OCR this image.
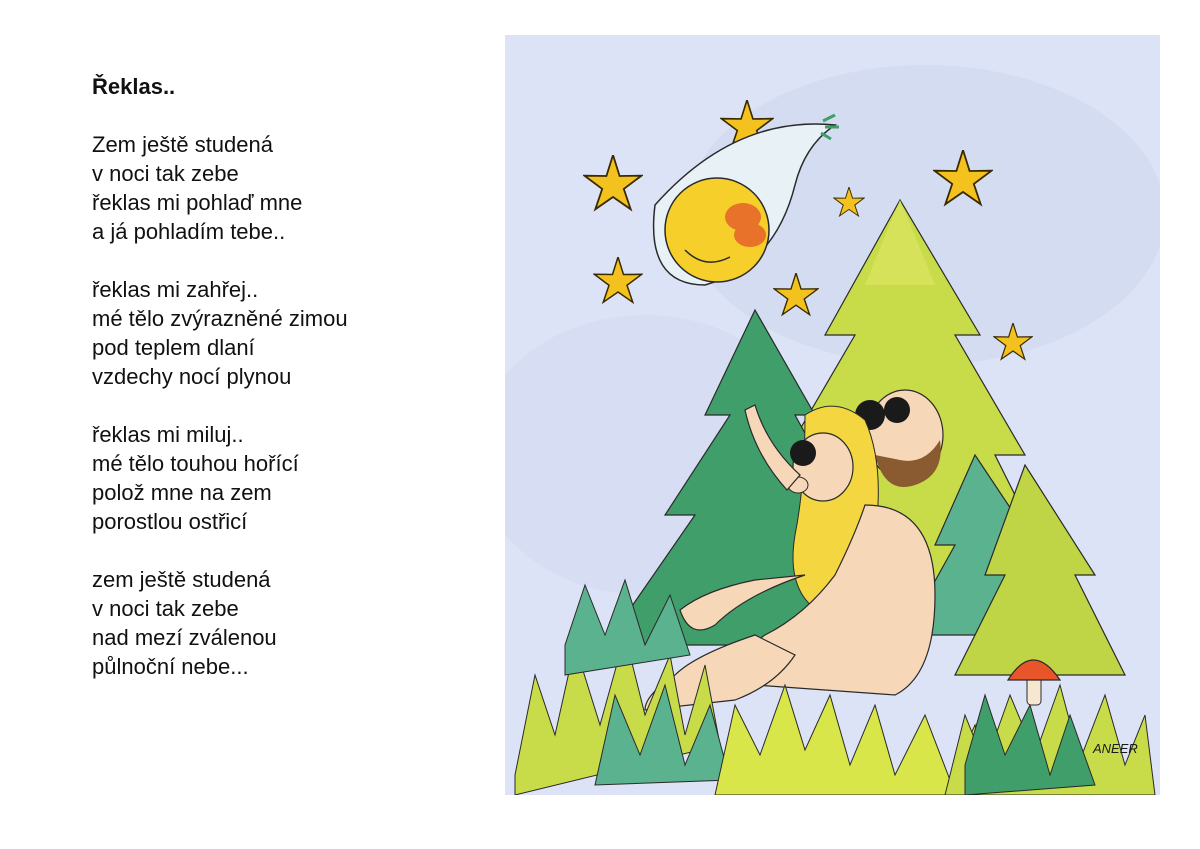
Řeklas..
Zem ještě studená
v noci tak zebe
řeklas mi pohlaď mne
a já pohladím tebe..
řeklas mi zahřej..
mé tělo zvýrazněné zimou
pod teplem dlaní
vzdechy nocí plynou
řeklas mi miluj..
mé tělo touhou hořící
polož mne na zem
porostlou ostřicí
zem ještě studená
v noci tak zebe
nad mezí zválenou
půlnoční nebe...
ANEER
